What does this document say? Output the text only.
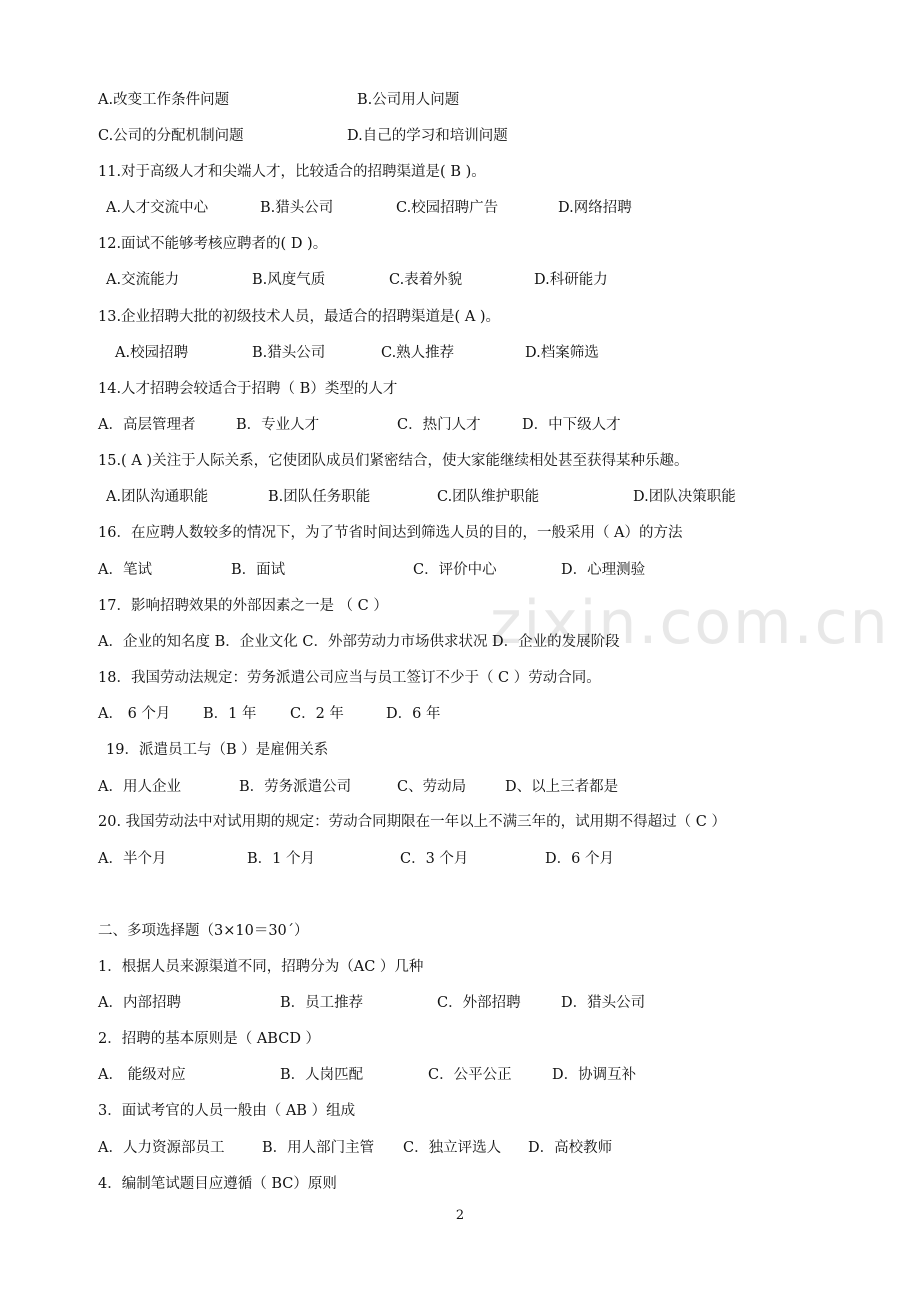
zixin.com.cn
A.改变工作条件问题	B.公司用人问题
C.公司的分配机制问题	D.自己的学习和培训问题
11.对于高级人才和尖端人才，比较适合的招聘渠道是( B )。
A.人才交流中心	B.猎头公司	C.校园招聘广告	D.网络招聘
12.面试不能够考核应聘者的( D )。
A.交流能力	B.风度气质	C.表着外貌	D.科研能力
13.企业招聘大批的初级技术人员，最适合的招聘渠道是( A )。
A.校园招聘	B.猎头公司	C.熟人推荐	D.档案筛选
14.人才招聘会较适合于招聘（ B）类型的人才
A．高层管理者	B．专业人才	C．热门人才	D．中下级人才
15.( A )关注于人际关系，它使团队成员们紧密结合，使大家能继续相处甚至获得某种乐趣。
A.团队沟通职能	B.团队任务职能	C.团队维护职能	D.团队决策职能
16．在应聘人数较多的情况下，为了节省时间达到筛选人员的目的，一般采用（ A）的方法
A．笔试	B．面试	C．评价中心	D．心理测验
17．影响招聘效果的外部因素之一是 （ C ）
A．企业的知名度 B．企业文化 C．外部劳动力市场供求状况 D．企业的发展阶段
18．我国劳动法规定：劳务派遣公司应当与员工签订不少于（ C ）劳动合同。
A． 6 个月 B．1 年 C．2 年	D．6 年
19．派遣员工与（B ）是雇佣关系
A．用人企业	B．劳务派遣公司	C、劳动局	D、以上三者都是
20. 我国劳动法中对试用期的规定：劳动合同期限在一年以上不满三年的，试用期不得超过（ C ）
A．半个月	B．1 个月	C．3 个月	D．6 个月
二、多项选择题（3×10＝30´）
1．根据人员来源渠道不同，招聘分为（AC ）几种
A．内部招聘	B．员工推荐	C．外部招聘	D．猎头公司
2．招聘的基本原则是（ ABCD ）
A． 能级对应	B．人岗匹配	C．公平公正	D．协调互补
3．面试考官的人员一般由（ AB ）组成
A．人力资源部员工	B．用人部门主管 C．独立评选人 D．高校教师
4．编制笔试题目应遵循（ BC）原则
2
